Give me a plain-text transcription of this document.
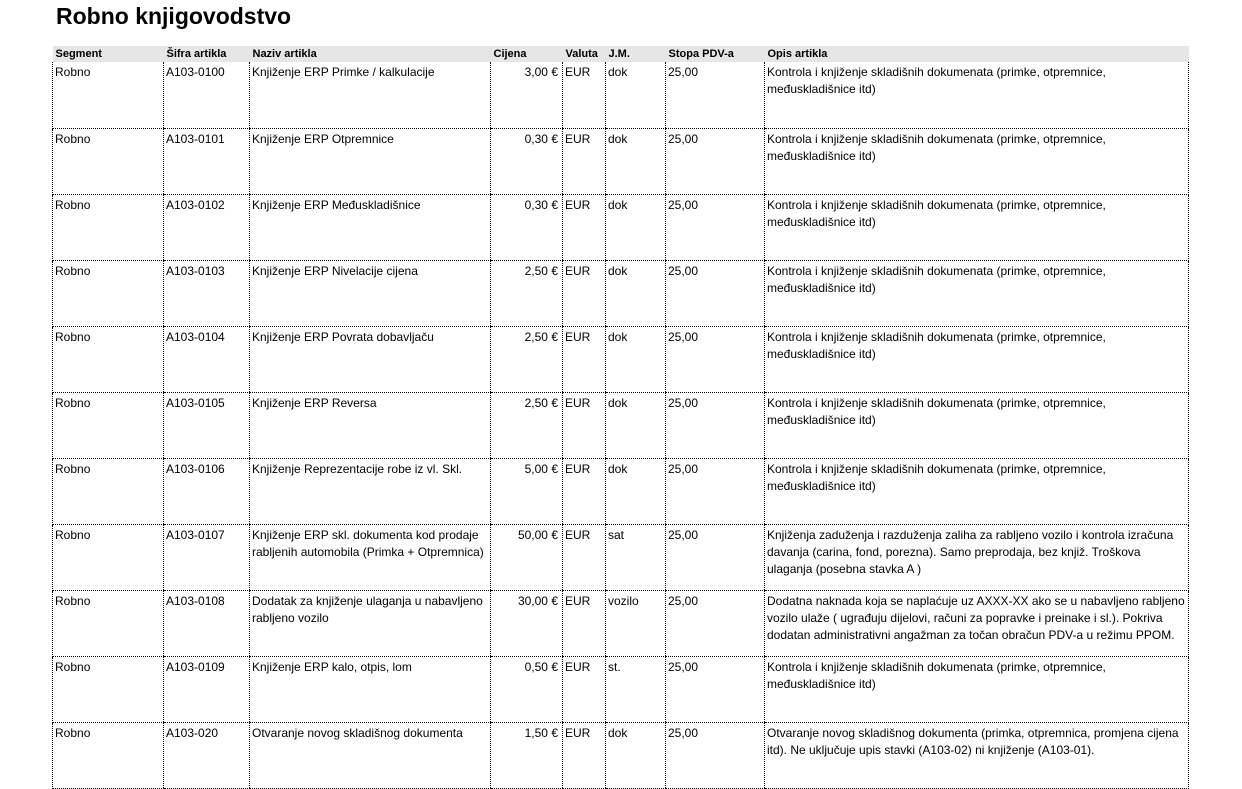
Robno knjigovodstvo
Segment	Šifra artikla	Naziv artikla	Cijena	Valuta	J.M.	Stopa PDV-a	Opis artikla

Robno	A103-0100	Knjiženje ERP Primke / kalkulacije	3,00 €	EUR	dok	25,00	Kontrola i knjiženje skladišnih dokumenata (primke, otpremnice, međuskladišnice itd)

Robno	A103-0101	Knjiženje ERP Otpremnice	0,30 €	EUR	dok	25,00	Kontrola i knjiženje skladišnih dokumenata (primke, otpremnice, međuskladišnice itd)

Robno	A103-0102	Knjiženje ERP Međuskladišnice	0,30 €	EUR	dok	25,00	Kontrola i knjiženje skladišnih dokumenata (primke, otpremnice, međuskladišnice itd)

Robno	A103-0103	Knjiženje ERP Nivelacije cijena	2,50 €	EUR	dok	25,00	Kontrola i knjiženje skladišnih dokumenata (primke, otpremnice, međuskladišnice itd)

Robno	A103-0104	Knjiženje ERP Povrata dobavljaču	2,50 €	EUR	dok	25,00	Kontrola i knjiženje skladišnih dokumenata (primke, otpremnice, međuskladišnice itd)

Robno	A103-0105	Knjiženje ERP Reversa	2,50 €	EUR	dok	25,00	Kontrola i knjiženje skladišnih dokumenata (primke, otpremnice, međuskladišnice itd)

Robno	A103-0106	Knjiženje Reprezentacije robe iz vl. Skl.	5,00 €	EUR	dok	25,00	Kontrola i knjiženje skladišnih dokumenata (primke, otpremnice, međuskladišnice itd)

Robno	A103-0107	Knjiženje ERP skl. dokumenta kod prodaje rabljenih automobila (Primka + Otpremnica)	50,00 €	EUR	sat	25,00	Knjiženja zaduženja i razduženja zaliha za rabljeno vozilo i kontrola izračuna davanja (carina, fond, porezna). Samo preprodaja, bez knjiž. Troškova ulaganja (posebna stavka A )

Robno	A103-0108	Dodatak za knjiženje ulaganja u nabavljeno rabljeno vozilo	30,00 €	EUR	vozilo	25,00	Dodatna naknada koja se naplaćuje uz AXXX-XX ako se u nabavljeno rabljeno vozilo ulaže ( ugrađuju dijelovi, računi za popravke i preinake i sl.). Pokriva dodatan administrativni angažman za točan obračun PDV-a u režimu PPOM.

Robno	A103-0109	Knjiženje ERP kalo, otpis, lom	0,50 €	EUR	st.	25,00	Kontrola i knjiženje skladišnih dokumenata (primke, otpremnice, međuskladišnice itd)

Robno	A103-020	Otvaranje novog skladišnog dokumenta	1,50 €	EUR	dok	25,00	Otvaranje novog skladišnog dokumenta (primka, otpremnica, promjena cijena itd). Ne uključuje upis stavki (A103-02) ni knjiženje (A103-01).
